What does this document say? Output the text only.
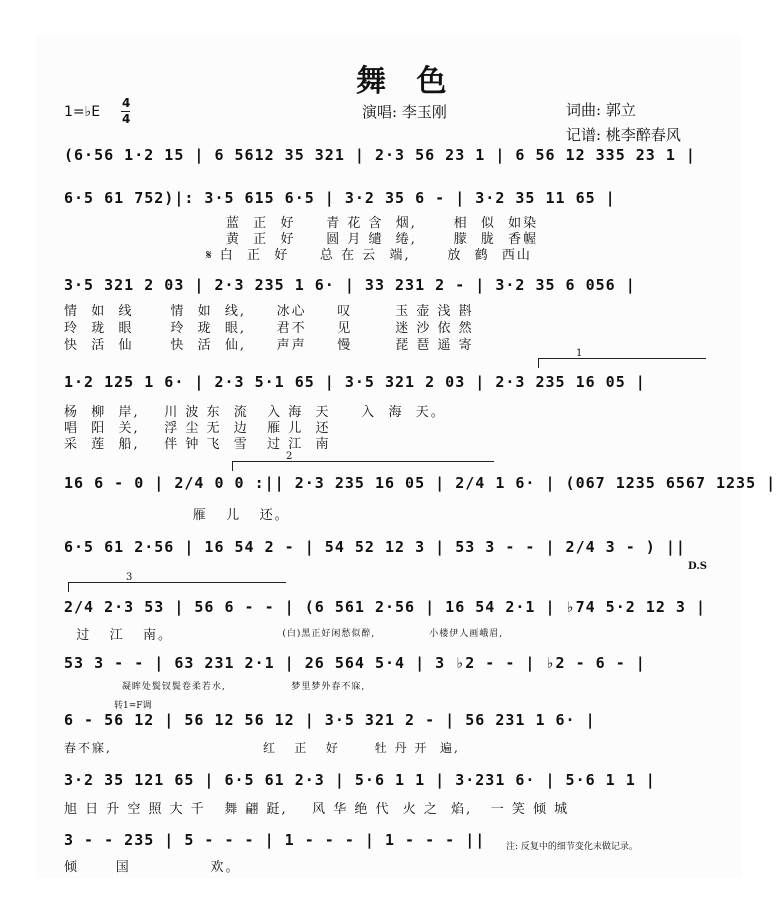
舞 色
1=♭E
4
4	演唱: 李玉刚	词曲: 郭立
记谱: 桃李醉春风
(6·56 1·2 15 | 6 5612 35 321 | 2·3 56 23 1 | 6 56 12 335 23 1 |
6·5 61 752)|: 3·5 615 6·5 | 3·2 35 6 - | 3·2 35 11 65 |
蓝  正  好     青 花 含  烟,      相  似  如染
黄  正  好     圆 月 缱  绻,      朦  胧  香幄
𝄋 白  正  好     总 在 云  端,      放  鹤  西山
3·5 321 2 03 | 2·3 235 1 6· | 33 231 2 - | 3·2 35 6 056 |
情  如  线      情  如  线,     冰心     叹       玉 壶 浅 斟
玲  珑  眼      玲  珑  眼,     君不     见       迷 沙 依 然
快  活  仙      快  活  仙,     声声     慢       琵 琶 遥 寄
1
1·2 125 1 6· | 2·3 5·1 65 | 3·5 321 2 03 | 2·3 235 16 05 |
杨  柳  岸,    川 波 东  流   入 海  天     入  海  天。
唱  阳  关,    浮 尘 无  边   雁 儿  还
采  莲  船,    伴 钟 飞  雪   过 江  南
2
16 6 - 0 | 2/4 0 0 :|| 2·3 235 16 05 | 2/4 1 6· | (067 1235 6567 1235 |
雁   儿   还。
6·5 61 2·56 | 16 54 2 - | 54 52 12 3 | 53 3 - - | 2/4 3 - ) ||
D.S
3
2/4 2·3 53 | 56 6 - - | (6 561 2·56 | 16 54 2·1 | ♭74 5·2 12 3 |
过   江   南。	(白)黑正好闲愁似醉,              小楼伊人画峨眉,
53 3 - - | 63 231 2·1 | 26 564 5·4 | 3 ♭2 - - | ♭2 - 6 - |
凝眸处鬓钗鬓卷柔若水,                 梦里梦外春不寐,
转1=F调
6 - 56 12 | 56 12 56 12 | 3·5 321 2 - | 56 231 1 6· |
春不寐,                          红   正   好      牡 丹 开  遍,
3·2 35 121 65 | 6·5 61 2·3 | 5·6 1 1 | 3·231 6· | 5·6 1 1 |
旭 日 升 空 照 大 千   舞 翩 跹,    风 华 绝 代  火 之  焰,   一 笑 倾 城
3 - - 235 | 5 - - - | 1 - - - | 1 - - - ||
倾      国             欢。
注: 反复中的细节变化未做记录。
